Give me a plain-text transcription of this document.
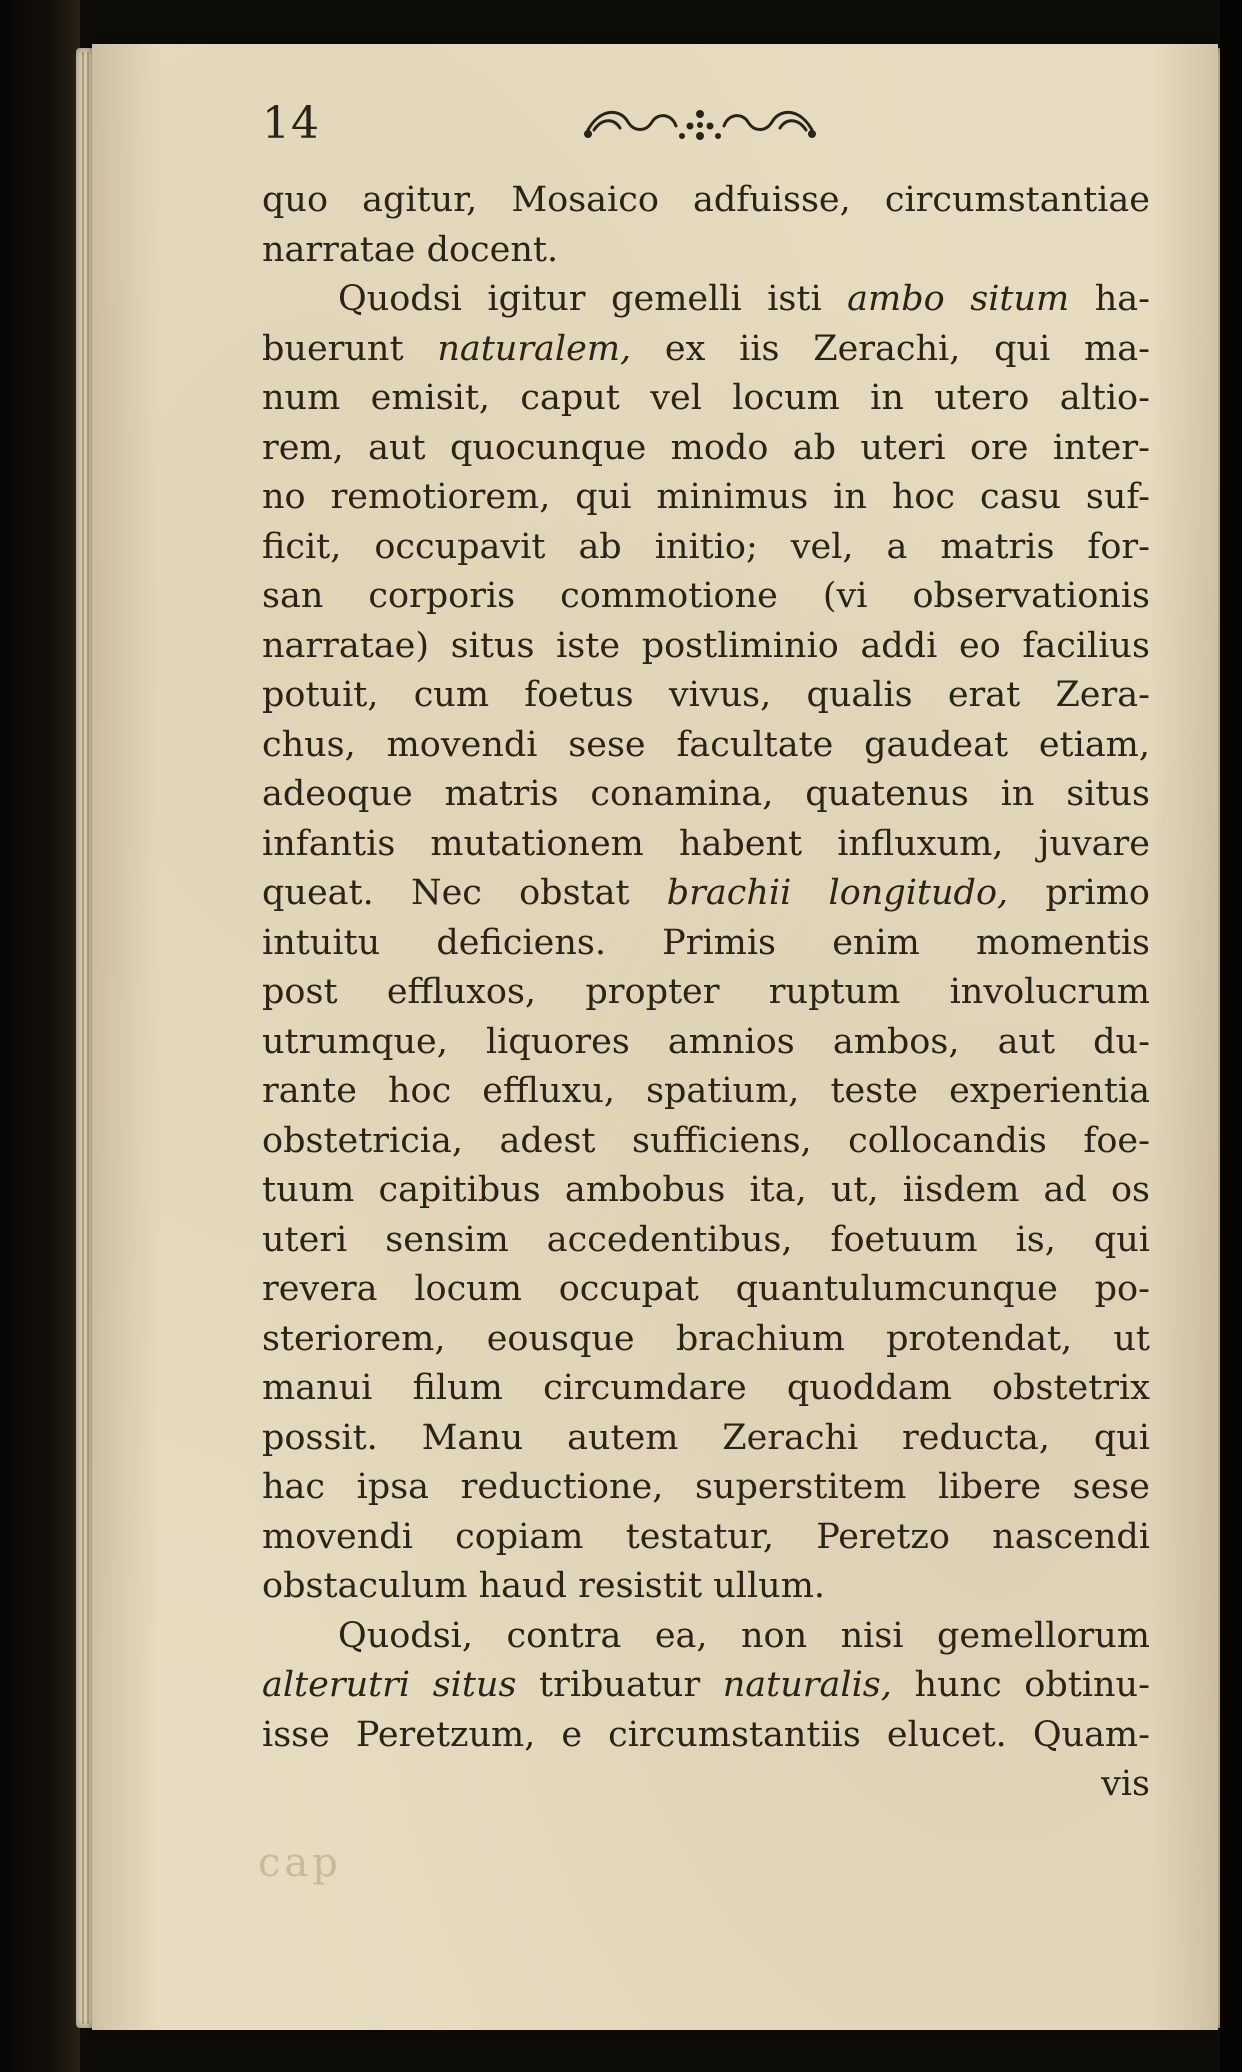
14
quo agitur, Mosaico adfuisse, circumstantiae
narratae docent.
Quodsi igitur gemelli isti ambo situm ha-
buerunt naturalem, ex iis Zerachi, qui ma-
num emisit, caput vel locum in utero altio-
rem, aut quocunque modo ab uteri ore inter-
no remotiorem, qui minimus in hoc casu suf-
ficit, occupavit ab initio; vel, a matris for-
san corporis commotione (vi observationis
narratae) situs iste postliminio addi eo facilius
potuit, cum foetus vivus, qualis erat Zera-
chus, movendi sese facultate gaudeat etiam,
adeoque matris conamina, quatenus in situs
infantis mutationem habent influxum, juvare
queat. Nec obstat brachii longitudo, primo
intuitu deficiens. Primis enim momentis
post effluxos, propter ruptum involucrum
utrumque, liquores amnios ambos, aut du-
rante hoc effluxu, spatium, teste experientia
obstetricia, adest sufficiens, collocandis foe-
tuum capitibus ambobus ita, ut, iisdem ad os
uteri sensim accedentibus, foetuum is, qui
revera locum occupat quantulumcunque po-
steriorem, eousque brachium protendat, ut
manui filum circumdare quoddam obstetrix
possit. Manu autem Zerachi reducta, qui
hac ipsa reductione, superstitem libere sese
movendi copiam testatur, Peretzo nascendi
obstaculum haud resistit ullum.
Quodsi, contra ea, non nisi gemellorum
alterutri situs tribuatur naturalis, hunc obtinu-
isse Peretzum, e circumstantiis elucet. Quam-
vis
cap
